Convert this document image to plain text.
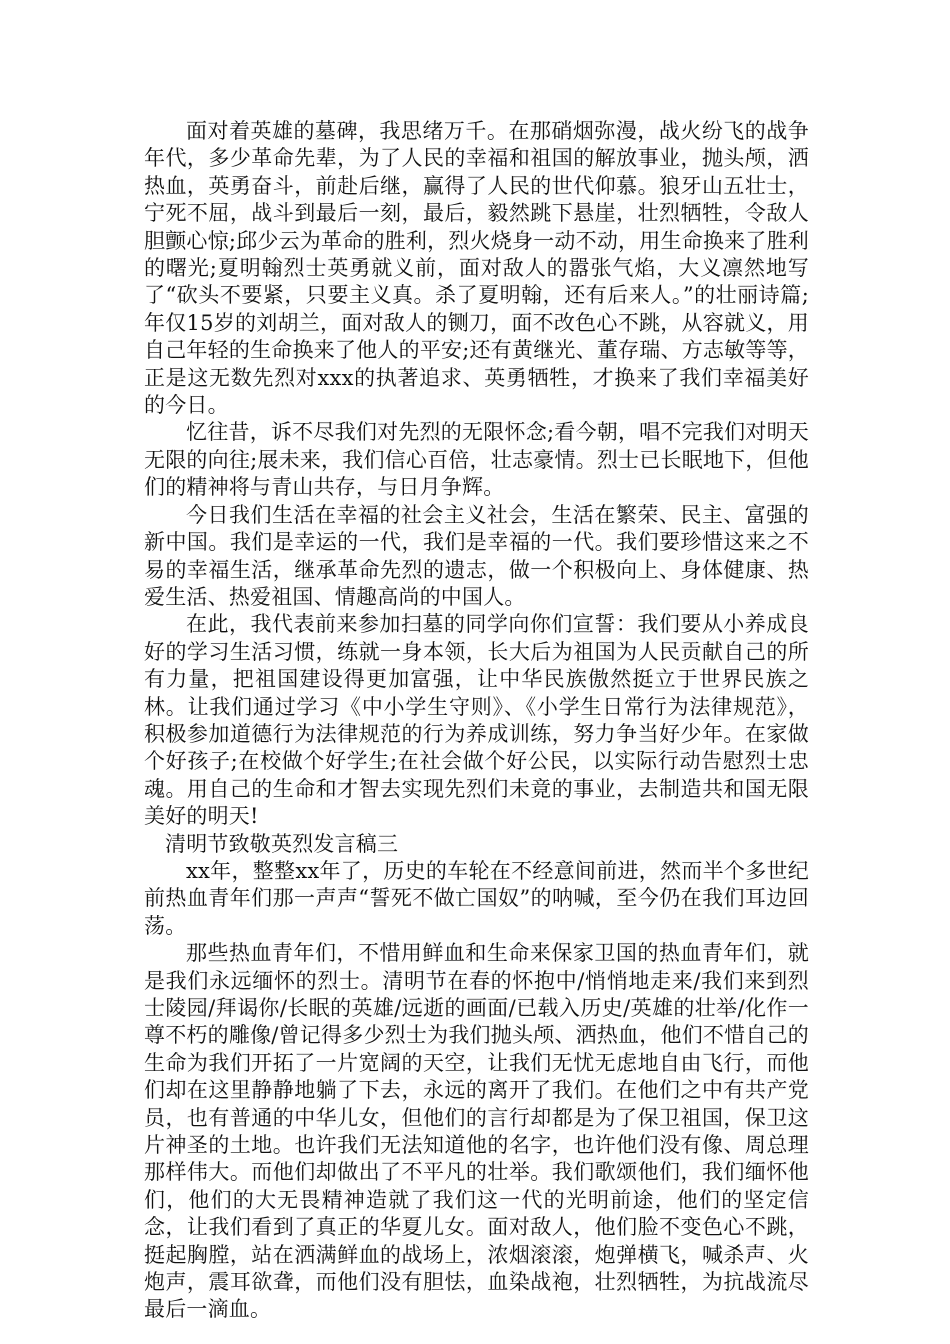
面对着英雄的墓碑，我思绪万千。在那硝烟弥漫，战火纷飞的战争年代，多少革命先辈，为了人民的幸福和祖国的解放事业，抛头颅，洒热血，英勇奋斗，前赴后继，赢得了人民的世代仰慕。狼牙山五壮士，宁死不屈，战斗到最后一刻，最后，毅然跳下悬崖，壮烈牺牲，令敌人胆颤心惊;邱少云为革命的胜利，烈火烧身一动不动，用生命换来了胜利的曙光;夏明翰烈士英勇就义前，面对敌人的嚣张气焰，大义凛然地写了“砍头不要紧，只要主义真。杀了夏明翰，还有后来人。”的壮丽诗篇;年仅15岁的刘胡兰，面对敌人的铡刀，面不改色心不跳，从容就义，用自己年轻的生命换来了他人的平安;还有黄继光、董存瑞、方志敏等等，正是这无数先烈对xxx的执著追求、英勇牺牲，才换来了我们幸福美好的今日。

忆往昔，诉不尽我们对先烈的无限怀念;看今朝，唱不完我们对明天无限的向往;展未来，我们信心百倍，壮志豪情。烈士已长眠地下，但他们的精神将与青山共存，与日月争辉。

今日我们生活在幸福的社会主义社会，生活在繁荣、民主、富强的新中国。我们是幸运的一代，我们是幸福的一代。我们要珍惜这来之不易的幸福生活，继承革命先烈的遗志，做一个积极向上、身体健康、热爱生活、热爱祖国、情趣高尚的中国人。

在此，我代表前来参加扫墓的同学向你们宣誓：我们要从小养成良好的学习生活习惯，练就一身本领，长大后为祖国为人民贡献自己的所有力量，把祖国建设得更加富强，让中华民族傲然挺立于世界民族之林。让我们通过学习《中小学生守则》、《小学生日常行为法律规范》，积极参加道德行为法律规范的行为养成训练，努力争当好少年。在家做个好孩子;在校做个好学生;在社会做个好公民，以实际行动告慰烈士忠魂。用自己的生命和才智去实现先烈们未竟的事业，去制造共和国无限美好的明天!

清明节致敬英烈发言稿三

xx年，整整xx年了，历史的车轮在不经意间前进，然而半个多世纪前热血青年们那一声声“誓死不做亡国奴”的呐喊，至今仍在我们耳边回荡。

那些热血青年们，不惜用鲜血和生命来保家卫国的热血青年们，就是我们永远缅怀的烈士。清明节在春的怀抱中/悄悄地走来/我们来到烈士陵园/拜谒你/长眠的英雄/远逝的画面/已载入历史/英雄的壮举/化作一尊不朽的雕像/曾记得多少烈士为我们抛头颅、洒热血，他们不惜自己的生命为我们开拓了一片宽阔的天空，让我们无忧无虑地自由飞行，而他们却在这里静静地躺了下去，永远的离开了我们。在他们之中有共产党员，也有普通的中华儿女，但他们的言行却都是为了保卫祖国，保卫这片神圣的土地。也许我们无法知道他的名字，也许他们没有像、周总理那样伟大。而他们却做出了不平凡的壮举。我们歌颂他们，我们缅怀他们，他们的大无畏精神造就了我们这一代的光明前途，他们的坚定信念，让我们看到了真正的华夏儿女。面对敌人，他们脸不变色心不跳，挺起胸膛，站在洒满鲜血的战场上，浓烟滚滚，炮弹横飞，喊杀声、火炮声，震耳欲聋，而他们没有胆怯，血染战袍，壮烈牺牲，为抗战流尽最后一滴血。
